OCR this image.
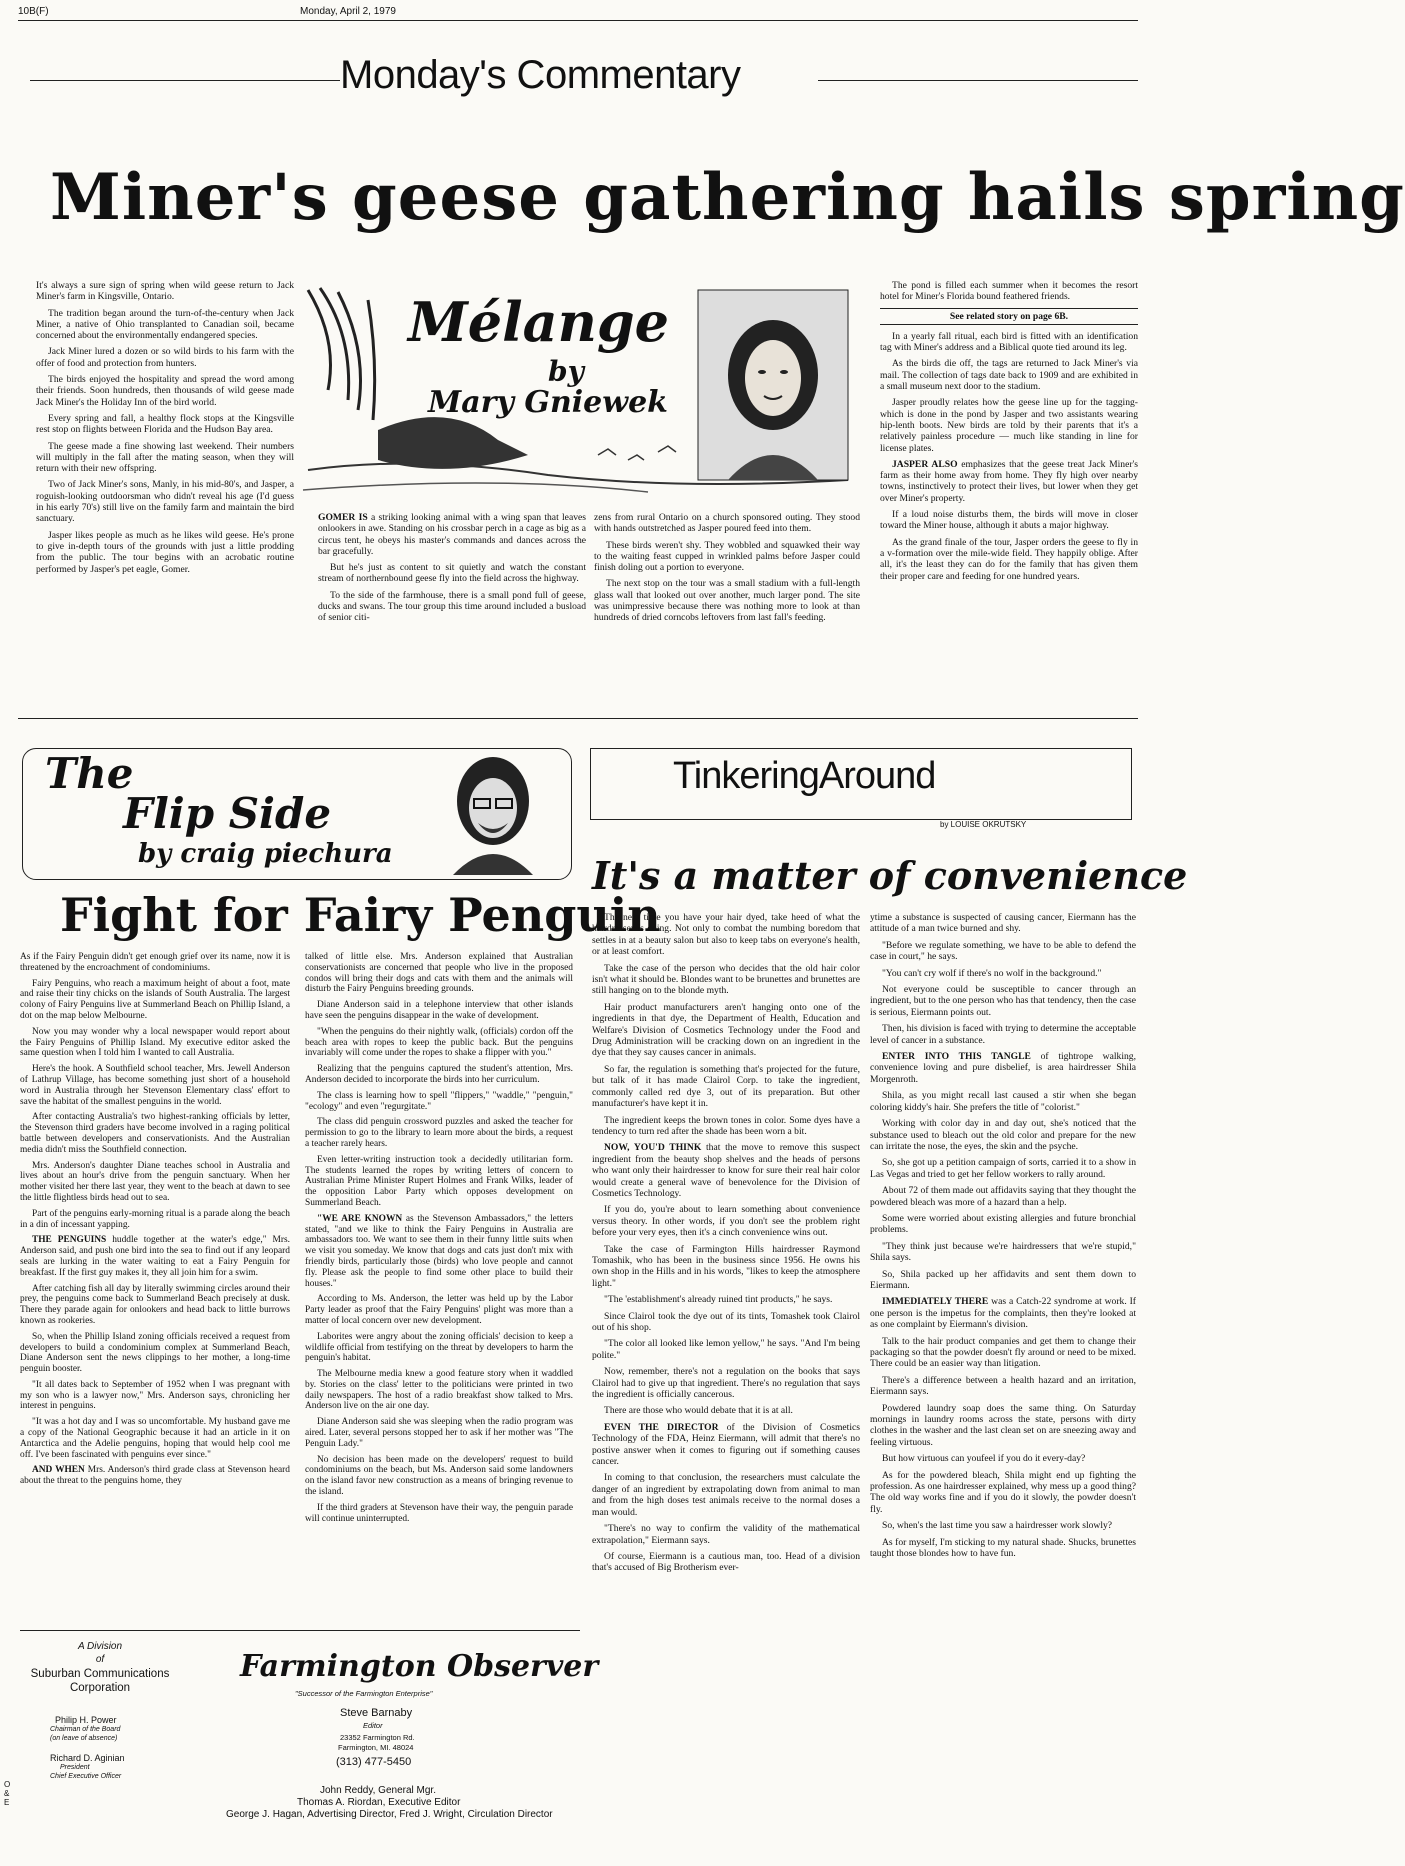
10B(F)	Monday, April 2, 1979
Monday's Commentary
Miner's geese gathering hails spring

It's always a sure sign of spring when wild geese return to Jack Miner's farm in Kingsville, Ontario.

The tradition began around the turn-of-the-century when Jack Miner, a native of Ohio transplanted to Canadian soil, became concerned about the environmentally endangered species.

Jack Miner lured a dozen or so wild birds to his farm with the offer of food and protection from hunters.

The birds enjoyed the hospitality and spread the word among their friends. Soon hundreds, then thousands of wild geese made Jack Miner's the Holiday Inn of the bird world.

Every spring and fall, a healthy flock stops at the Kingsville rest stop on flights between Florida and the Hudson Bay area.

The geese made a fine showing last weekend. Their numbers will multiply in the fall after the mating season, when they will return with their new offspring.

Two of Jack Miner's sons, Manly, in his mid-80's, and Jasper, a roguish-looking outdoorsman who didn't reveal his age (I'd guess in his early 70's) still live on the family farm and maintain the bird sanctuary.

Jasper likes people as much as he likes wild geese. He's prone to give in-depth tours of the grounds with just a little prodding from the public. The tour begins with an acrobatic routine performed by Jasper's pet eagle, Gomer.

Mélange
by
Mary Gniewek

GOMER IS a striking looking animal with a wing span that leaves onlookers in awe. Standing on his crossbar perch in a cage as big as a circus tent, he obeys his master's commands and dances across the bar gracefully.

But he's just as content to sit quietly and watch the constant stream of northernbound geese fly into the field across the highway.

To the side of the farmhouse, there is a small pond full of geese, ducks and swans. The tour group this time around included a busload of senior citi-

zens from rural Ontario on a church sponsored outing. They stood with hands outstretched as Jasper poured feed into them.

These birds weren't shy. They wobbled and squawked their way to the waiting feast cupped in wrinkled palms before Jasper could finish doling out a portion to everyone.

The next stop on the tour was a small stadium with a full-length glass wall that looked out over another, much larger pond. The site was unimpressive because there was nothing more to look at than hundreds of dried corncobs leftovers from last fall's feeding.

The pond is filled each summer when it becomes the resort hotel for Miner's Florida bound feathered friends.

See related story on page 6B.

In a yearly fall ritual, each bird is fitted with an identification tag with Miner's address and a Biblical quote tied around its leg.

As the birds die off, the tags are returned to Jack Miner's via mail. The collection of tags date back to 1909 and are exhibited in a small museum next door to the stadium.

Jasper proudly relates how the geese line up for the tagging- which is done in the pond by Jasper and two assistants wearing hip-lenth boots. New birds are told by their parents that it's a relatively painless procedure — much like standing in line for license plates.

JASPER ALSO emphasizes that the geese treat Jack Miner's farm as their home away from home. They fly high over nearby towns, instinctively to protect their lives, but lower when they get over Miner's property.

If a loud noise disturbs them, the birds will move in closer toward the Miner house, although it abuts a major highway.

As the grand finale of the tour, Jasper orders the geese to fly in a v-formation over the mile-wide field. They happily oblige. After all, it's the least they can do for the family that has given them their proper care and feeding for one hundred years.

The
Flip Side
by craig piechura
Fight for Fairy Penguin

As if the Fairy Penguin didn't get enough grief over its name, now it is threatened by the encroachment of condominiums.

Fairy Penguins, who reach a maximum height of about a foot, mate and raise their tiny chicks on the islands of South Australia. The largest colony of Fairy Penguins live at Summerland Beach on Phillip Island, a dot on the map below Melbourne.

Now you may wonder why a local newspaper would report about the Fairy Penguins of Phillip Island. My executive editor asked the same question when I told him I wanted to call Australia.

Here's the hook. A Southfield school teacher, Mrs. Jewell Anderson of Lathrup Village, has become something just short of a household word in Australia through her Stevenson Elementary class' effort to save the habitat of the smallest penguins in the world.

After contacting Australia's two highest-ranking officials by letter, the Stevenson third graders have become involved in a raging political battle between developers and conservationists. And the Australian media didn't miss the Southfield connection.

Mrs. Anderson's daughter Diane teaches school in Australia and lives about an hour's drive from the penguin sanctuary. When her mother visited her there last year, they went to the beach at dawn to see the little flightless birds head out to sea.

Part of the penguins early-morning ritual is a parade along the beach in a din of incessant yapping.

THE PENGUINS huddle together at the water's edge," Mrs. Anderson said, and push one bird into the sea to find out if any leopard seals are lurking in the water waiting to eat a Fairy Penguin for breakfast. If the first guy makes it, they all join him for a swim.

After catching fish all day by literally swimming circles around their prey, the penguins come back to Summerland Beach precisely at dusk. There they parade again for onlookers and head back to little burrows known as rookeries.

So, when the Phillip Island zoning officials received a request from developers to build a condominium complex at Summerland Beach, Diane Anderson sent the news clippings to her mother, a long-time penguin booster.

"It all dates back to September of 1952 when I was pregnant with my son who is a lawyer now," Mrs. Anderson says, chronicling her interest in penguins.

"It was a hot day and I was so uncomfortable. My husband gave me a copy of the National Geographic because it had an article in it on Antarctica and the Adelie penguins, hoping that would help cool me off. I've been fascinated with penguins ever since."

AND WHEN Mrs. Anderson's third grade class at Stevenson heard about the threat to the penguins home, they

talked of little else. Mrs. Anderson explained that Australian conservationists are concerned that people who live in the proposed condos will bring their dogs and cats with them and the animals will disturb the Fairy Penguins breeding grounds.

Diane Anderson said in a telephone interview that other islands have seen the penguins disappear in the wake of development.

"When the penguins do their nightly walk, (officials) cordon off the beach area with ropes to keep the public back. But the penguins invariably will come under the ropes to shake a flipper with you."

Realizing that the penguins captured the student's attention, Mrs. Anderson decided to incorporate the birds into her curriculum.

The class is learning how to spell "flippers," "waddle," "penguin," "ecology" and even "regurgitate."

The class did penguin crossword puzzles and asked the teacher for permission to go to the library to learn more about the birds, a request a teacher rarely hears.

Even letter-writing instruction took a decidedly utilitarian form. The students learned the ropes by writing letters of concern to Australian Prime Minister Rupert Holmes and Frank Wilks, leader of the opposition Labor Party which opposes development on Summerland Beach.

"WE ARE KNOWN as the Stevenson Ambassadors," the letters stated, "and we like to think the Fairy Penguins in Australia are ambassadors too. We want to see them in their funny little suits when we visit you someday. We know that dogs and cats just don't mix with friendly birds, particularly those (birds) who love people and cannot fly. Please ask the people to find some other place to build their houses."

According to Ms. Anderson, the letter was held up by the Labor Party leader as proof that the Fairy Penguins' plight was more than a matter of local concern over new development.

Laborites were angry about the zoning officials' decision to keep a wildlife official from testifying on the threat by developers to harm the penguin's habitat.

The Melbourne media knew a good feature story when it waddled by. Stories on the class' letter to the politicians were printed in two daily newspapers. The host of a radio breakfast show talked to Mrs. Anderson live on the air one day.

Diane Anderson said she was sleeping when the radio program was aired. Later, several persons stopped her to ask if her mother was "The Penguin Lady."

No decision has been made on the developers' request to build condominiums on the beach, but Ms. Anderson said some landowners on the island favor new construction as a means of bringing revenue to the island.

If the third graders at Stevenson have their way, the penguin parade will continue uninterrupted.

TinkeringAround
by LOUISE OKRUTSKY
It's a matter of convenience

The next time you have your hair dyed, take heed of what the hairdresser is doing. Not only to combat the numbing boredom that settles in at a beauty salon but also to keep tabs on everyone's health, or at least comfort.

Take the case of the person who decides that the old hair color isn't what it should be. Blondes want to be brunettes and brunettes are still hanging on to the blonde myth.

Hair product manufacturers aren't hanging onto one of the ingredients in that dye, the Department of Health, Education and Welfare's Division of Cosmetics Technology under the Food and Drug Administration will be cracking down on an ingredient in the dye that they say causes cancer in animals.

So far, the regulation is something that's projected for the future, but talk of it has made Clairol Corp. to take the ingredient, commonly called red dye 3, out of its preparation. But other manufacturer's have kept it in.

The ingredient keeps the brown tones in color. Some dyes have a tendency to turn red after the shade has been worn a bit.

NOW, YOU'D THINK that the move to remove this suspect ingredient from the beauty shop shelves and the heads of persons who want only their hairdresser to know for sure their real hair color would create a general wave of benevolence for the Division of Cosmetics Technology.

If you do, you're about to learn something about convenience versus theory. In other words, if you don't see the problem right before your very eyes, then it's a cinch convenience wins out.

Take the case of Farmington Hills hairdresser Raymond Tomashik, who has been in the business since 1956. He owns his own shop in the Hills and in his words, "likes to keep the atmosphere light."

"The 'establishment's already ruined tint products," he says.

Since Clairol took the dye out of its tints, Tomashek took Clairol out of his shop.

"The color all looked like lemon yellow," he says. "And I'm being polite."

Now, remember, there's not a regulation on the books that says Clairol had to give up that ingredient. There's no regulation that says the ingredient is officially cancerous.

There are those who would debate that it is at all.

EVEN THE DIRECTOR of the Division of Cosmetics Technology of the FDA, Heinz Eiermann, will admit that there's no postive answer when it comes to figuring out if something causes cancer.

In coming to that conclusion, the researchers must calculate the danger of an ingredient by extrapolating down from animal to man and from the high doses test animals receive to the normal doses a man would.

"There's no way to confirm the validity of the mathematical extrapolation," Eiermann says.

Of course, Eiermann is a cautious man, too. Head of a division that's accused of Big Brotherism ever-

ytime a substance is suspected of causing cancer, Eiermann has the attitude of a man twice burned and shy.

"Before we regulate something, we have to be able to defend the case in court," he says.

"You can't cry wolf if there's no wolf in the background."

Not everyone could be susceptible to cancer through an ingredient, but to the one person who has that tendency, then the case is serious, Eiermann points out.

Then, his division is faced with trying to determine the acceptable level of cancer in a substance.

ENTER INTO THIS TANGLE of tightrope walking, convenience loving and pure disbelief, is area hairdresser Shila Morgenroth.

Shila, as you might recall last caused a stir when she began coloring kiddy's hair. She prefers the title of "colorist."

Working with color day in and day out, she's noticed that the substance used to bleach out the old color and prepare for the new can irritate the nose, the eyes, the skin and the psyche.

So, she got up a petition campaign of sorts, carried it to a show in Las Vegas and tried to get her fellow workers to rally around.

About 72 of them made out affidavits saying that they thought the powdered bleach was more of a hazard than a help.

Some were worried about existing allergies and future bronchial problems.

"They think just because we're hairdressers that we're stupid," Shila says.

So, Shila packed up her affidavits and sent them down to Eiermann.

IMMEDIATELY THERE was a Catch-22 syndrome at work. If one person is the impetus for the complaints, then they're looked at as one complaint by Eiermann's division.

Talk to the hair product companies and get them to change their packaging so that the powder doesn't fly around or need to be mixed. There could be an easier way than litigation.

There's a difference between a health hazard and an irritation, Eiermann says.

Powdered laundry soap does the same thing. On Saturday mornings in laundry rooms across the state, persons with dirty clothes in the washer and the last clean set on are sneezing away and feeling virtuous.

But how virtuous can youfeel if you do it every-day?

As for the powdered bleach, Shila might end up fighting the profession. As one hairdresser explained, why mess up a good thing? The old way works fine and if you do it slowly, the powder doesn't fly.

So, when's the last time you saw a hairdresser work slowly?

As for myself, I'm sticking to my natural shade. Shucks, brunettes taught those blondes how to have fun.

A Division
of
Suburban Communications
Corporation
Philip H. Power
Chairman of the Board
(on leave of absence)
Richard D. Aginian
President
Chief Executive Officer
Farmington Observer
"Successor of the Farmington Enterprise"
Steve Barnaby
Editor
23352 Farmington Rd.
Farmington, MI. 48024
(313) 477-5450
John Reddy, General Mgr.
Thomas A. Riordan, Executive Editor
George J. Hagan, Advertising Director, Fred J. Wright, Circulation Director
O&E
